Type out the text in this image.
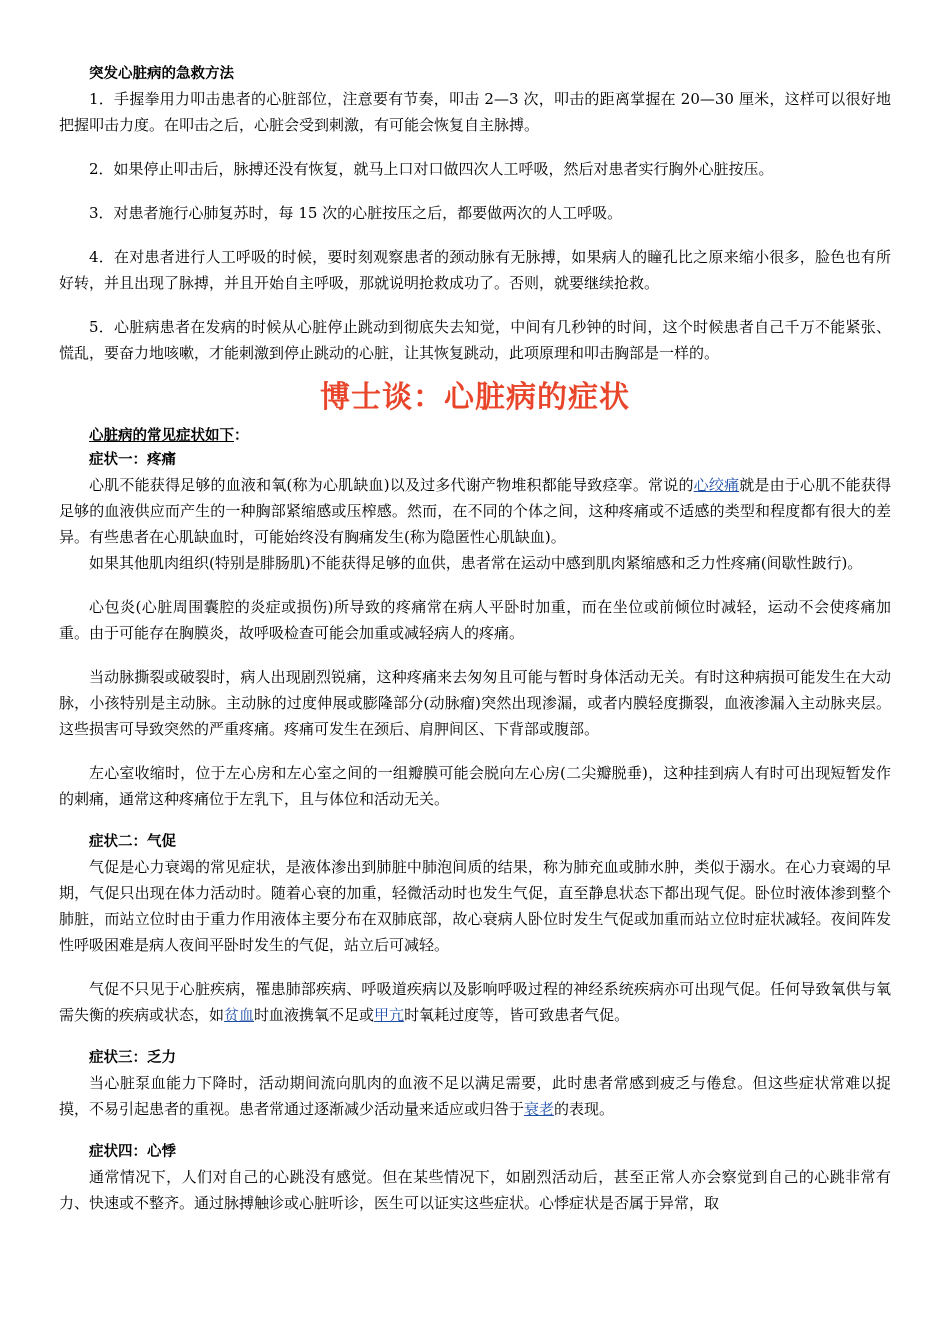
突发心脏病的急救方法

1．手握拳用力叩击患者的心脏部位，注意要有节奏，叩击 2—3 次，叩击的距离掌握在 20—30 厘米，这样可以很好地把握叩击力度。在叩击之后，心脏会受到刺激，有可能会恢复自主脉搏。

2．如果停止叩击后，脉搏还没有恢复，就马上口对口做四次人工呼吸，然后对患者实行胸外心脏按压。

3．对患者施行心肺复苏时，每 15 次的心脏按压之后，都要做两次的人工呼吸。

4．在对患者进行人工呼吸的时候，要时刻观察患者的颈动脉有无脉搏，如果病人的瞳孔比之原来缩小很多，脸色也有所好转，并且出现了脉搏，并且开始自主呼吸，那就说明抢救成功了。否则，就要继续抢救。

5．心脏病患者在发病的时候从心脏停止跳动到彻底失去知觉，中间有几秒钟的时间，这个时候患者自己千万不能紧张、慌乱，要奋力地咳嗽，才能刺激到停止跳动的心脏，让其恢复跳动，此项原理和叩击胸部是一样的。

博士谈：心脏病的症状
心脏病的常见症状如下：
症状一：疼痛

心肌不能获得足够的血液和氧(称为心肌缺血)以及过多代谢产物堆积都能导致痉挛。常说的心绞痛就是由于心肌不能获得足够的血液供应而产生的一种胸部紧缩感或压榨感。然而，在不同的个体之间，这种疼痛或不适感的类型和程度都有很大的差异。有些患者在心肌缺血时，可能始终没有胸痛发生(称为隐匿性心肌缺血)。

如果其他肌肉组织(特别是腓肠肌)不能获得足够的血供，患者常在运动中感到肌肉紧缩感和乏力性疼痛(间歇性跛行)。

心包炎(心脏周围囊腔的炎症或损伤)所导致的疼痛常在病人平卧时加重，而在坐位或前倾位时减轻，运动不会使疼痛加重。由于可能存在胸膜炎，故呼吸检查可能会加重或减轻病人的疼痛。

当动脉撕裂或破裂时，病人出现剧烈锐痛，这种疼痛来去匆匆且可能与暂时身体活动无关。有时这种病损可能发生在大动脉，小孩特别是主动脉。主动脉的过度伸展或膨隆部分(动脉瘤)突然出现渗漏，或者内膜轻度撕裂，血液渗漏入主动脉夹层。这些损害可导致突然的严重疼痛。疼痛可发生在颈后、肩胛间区、下背部或腹部。

左心室收缩时，位于左心房和左心室之间的一组瓣膜可能会脱向左心房(二尖瓣脱垂)，这种挂到病人有时可出现短暂发作的刺痛，通常这种疼痛位于左乳下，且与体位和活动无关。

症状二：气促

气促是心力衰竭的常见症状，是液体渗出到肺脏中肺泡间质的结果，称为肺充血或肺水肿，类似于溺水。在心力衰竭的早期，气促只出现在体力活动时。随着心衰的加重，轻微活动时也发生气促，直至静息状态下都出现气促。卧位时液体渗到整个肺脏，而站立位时由于重力作用液体主要分布在双肺底部，故心衰病人卧位时发生气促或加重而站立位时症状减轻。夜间阵发性呼吸困难是病人夜间平卧时发生的气促，站立后可减轻。

气促不只见于心脏疾病，罹患肺部疾病、呼吸道疾病以及影响呼吸过程的神经系统疾病亦可出现气促。任何导致氧供与氧需失衡的疾病或状态，如贫血时血液携氧不足或甲亢时氧耗过度等，皆可致患者气促。

症状三：乏力

当心脏泵血能力下降时，活动期间流向肌肉的血液不足以满足需要，此时患者常感到疲乏与倦怠。但这些症状常难以捉摸，不易引起患者的重视。患者常通过逐渐减少活动量来适应或归咎于衰老的表现。

症状四：心悸

通常情况下，人们对自己的心跳没有感觉。但在某些情况下，如剧烈活动后，甚至正常人亦会察觉到自己的心跳非常有力、快速或不整齐。通过脉搏触诊或心脏听诊，医生可以证实这些症状。心悸症状是否属于异常，取
